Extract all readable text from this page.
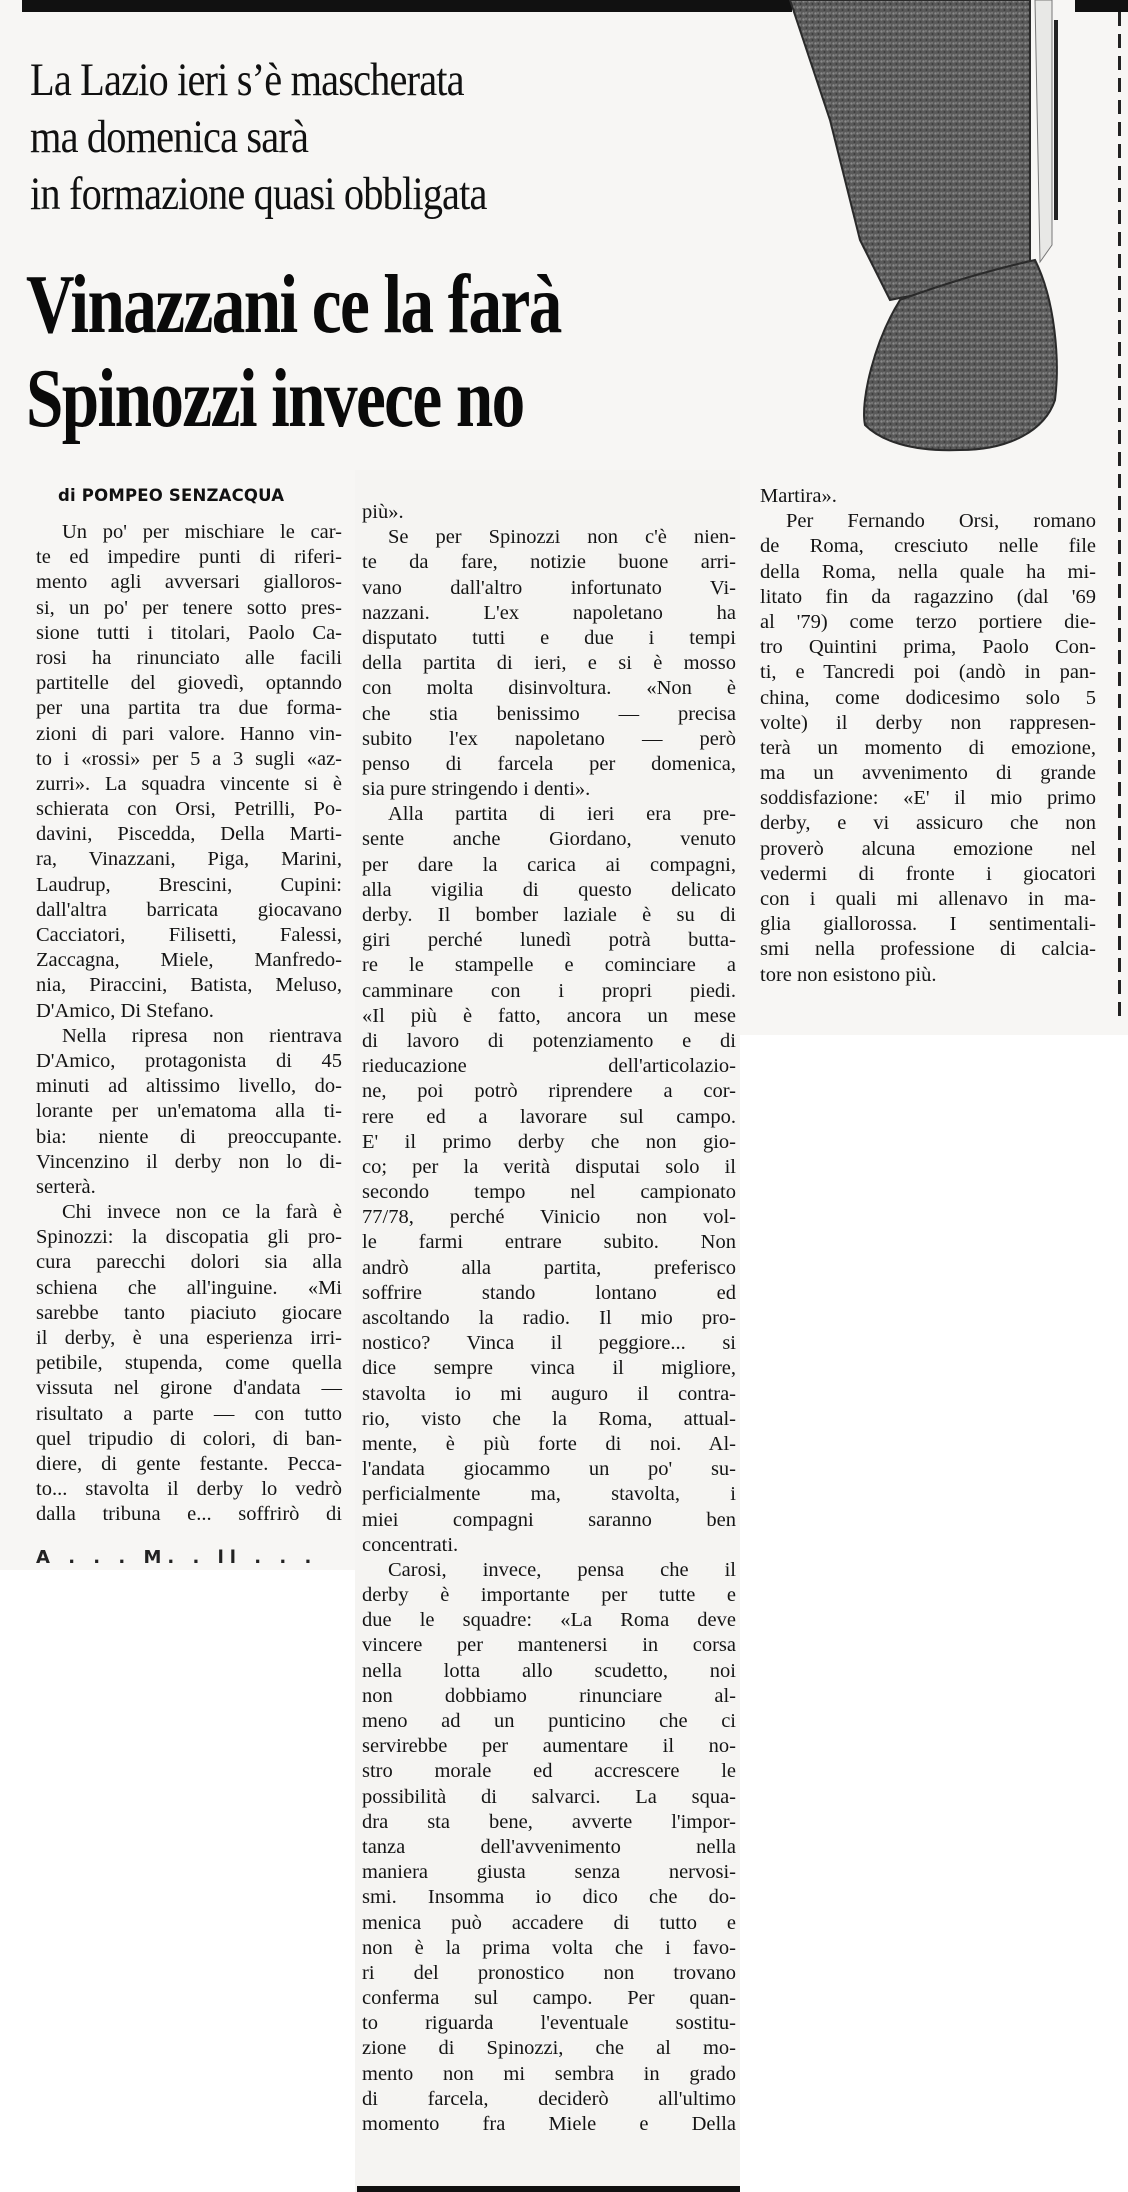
La Lazio ieri s’è mascherata
ma domenica sarà
in formazione quasi obbligata
Vinazzani ce la farà
Spinozzi invece no
di POMPEO SENZACQUA
Un po' per mischiare le car-
te ed impedire punti di riferi-
mento agli avversari gialloros-
si, un po' per tenere sotto pres-
sione tutti i titolari, Paolo Ca-
rosi ha rinunciato alle facili
partitelle del giovedì, optanndo
per una partita tra due forma-
zioni di pari valore. Hanno vin-
to i «rossi» per 5 a 3 sugli «az-
zurri». La squadra vincente si è
schierata con Orsi, Petrilli, Po-
davini, Piscedda, Della Marti-
ra, Vinazzani, Piga, Marini,
Laudrup, Brescini, Cupini:
dall'altra barricata giocavano
Cacciatori, Filisetti, Falessi,
Zaccagna, Miele, Manfredo-
nia, Piraccini, Batista, Meluso,
D'Amico, Di Stefano.
Nella ripresa non rientrava
D'Amico, protagonista di 45
minuti ad altissimo livello, do-
lorante per un'ematoma alla ti-
bia: niente di preoccupante.
Vincenzino il derby non lo di-
serterà.
Chi invece non ce la farà è
Spinozzi: la discopatia gli pro-
cura parecchi dolori sia alla
schiena che all'inguine. «Mi
sarebbe tanto piaciuto giocare
il derby, è una esperienza irri-
petibile, stupenda, come quella
vissuta nel girone d'andata —
risultato a parte — con tutto
quel tripudio di colori, di ban-
diere, di gente festante. Pecca-
to... stavolta il derby lo vedrò
dalla tribuna e... soffrirò di
più».
Se per Spinozzi non c'è nien-
te da fare, notizie buone arri-
vano dall'altro infortunato Vi-
nazzani. L'ex napoletano ha
disputato tutti e due i tempi
della partita di ieri, e si è mosso
con molta disinvoltura. «Non è
che stia benissimo — precisa
subito l'ex napoletano — però
penso di farcela per domenica,
sia pure stringendo i denti».
Alla partita di ieri era pre-
sente anche Giordano, venuto
per dare la carica ai compagni,
alla vigilia di questo delicato
derby. Il bomber laziale è su di
giri perché lunedì potrà butta-
re le stampelle e cominciare a
camminare con i propri piedi.
«Il più è fatto, ancora un mese
di lavoro di potenziamento e di
rieducazione dell'articolazio-
ne, poi potrò riprendere a cor-
rere ed a lavorare sul campo.
E' il primo derby che non gio-
co; per la verità disputai solo il
secondo tempo nel campionato
77/78, perché Vinicio non vol-
le farmi entrare subito. Non
andrò alla partita, preferisco
soffrire stando lontano ed
ascoltando la radio. Il mio pro-
nostico? Vinca il peggiore... si
dice sempre vinca il migliore,
stavolta io mi auguro il contra-
rio, visto che la Roma, attual-
mente, è più forte di noi. Al-
l'andata giocammo un po' su-
perficialmente ma, stavolta, i
miei compagni saranno ben
concentrati.
Carosi, invece, pensa che il
derby è importante per tutte e
due le squadre: «La Roma deve
vincere per mantenersi in corsa
nella lotta allo scudetto, noi
non dobbiamo rinunciare al-
meno ad un punticino che ci
servirebbe per aumentare il no-
stro morale ed accrescere le
possibilità di salvarci. La squa-
dra sta bene, avverte l'impor-
tanza dell'avvenimento nella
maniera giusta senza nervosi-
smi. Insomma io dico che do-
menica può accadere di tutto e
non è la prima volta che i favo-
ri del pronostico non trovano
conferma sul campo. Per quan-
to riguarda l'eventuale sostitu-
zione di Spinozzi, che al mo-
mento non mi sembra in grado
di farcela, deciderò all'ultimo
momento fra Miele e Della
Martira».
Per Fernando Orsi, romano
de Roma, cresciuto nelle file
della Roma, nella quale ha mi-
litato fin da ragazzino (dal '69
al '79) come terzo portiere die-
tro Quintini prima, Paolo Con-
ti, e Tancredi poi (andò in pan-
china, come dodicesimo solo 5
volte) il derby non rappresen-
terà un momento di emozione,
ma un avvenimento di grande
soddisfazione: «E' il mio primo
derby, e vi assicuro che non
proverò alcuna emozione nel
vedermi di fronte i giocatori
con i quali mi allenavo in ma-
glia giallorossa. I sentimentali-
smi nella professione di calcia-
tore non esistono più.
A . . . M. . ll . . .
